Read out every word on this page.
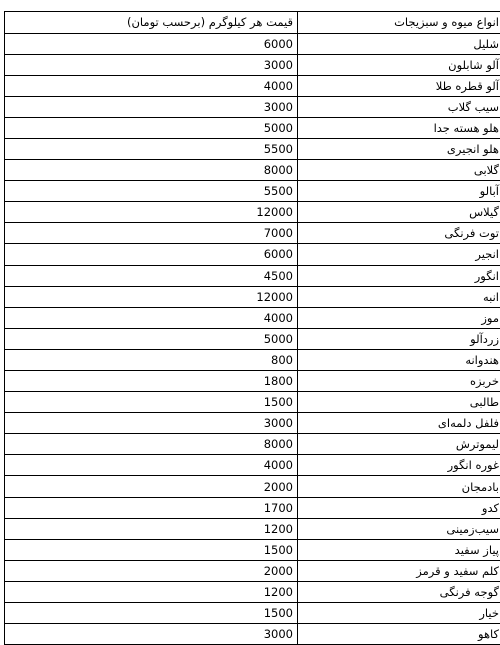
قیمت هر کیلوگرم (برحسب تومان)	انواع میوه و سبزیجات
6000	شلیل
3000	آلو شابلون
4000	آلو قطره طلا
3000	سیب گلاب
5000	هلو هسته جدا
5500	هلو انجیری
8000	گلابی
5500	آبالو
12000	گیلاس
7000	توت فرنگی
6000	انجیر
4500	انگور
12000	انبه
4000	موز
5000	زردآلو
800	هندوانه
1800	خربزه
1500	طالبی
3000	فلفل دلمه‌ای
8000	لیموترش
4000	غوره انگور
2000	بادمجان
1700	کدو
1200	سیب‌زمینی
1500	پیاز سفید
2000	کلم سفید و قرمز
1200	گوجه فرنگی
1500	خیار
3000	کاهو
